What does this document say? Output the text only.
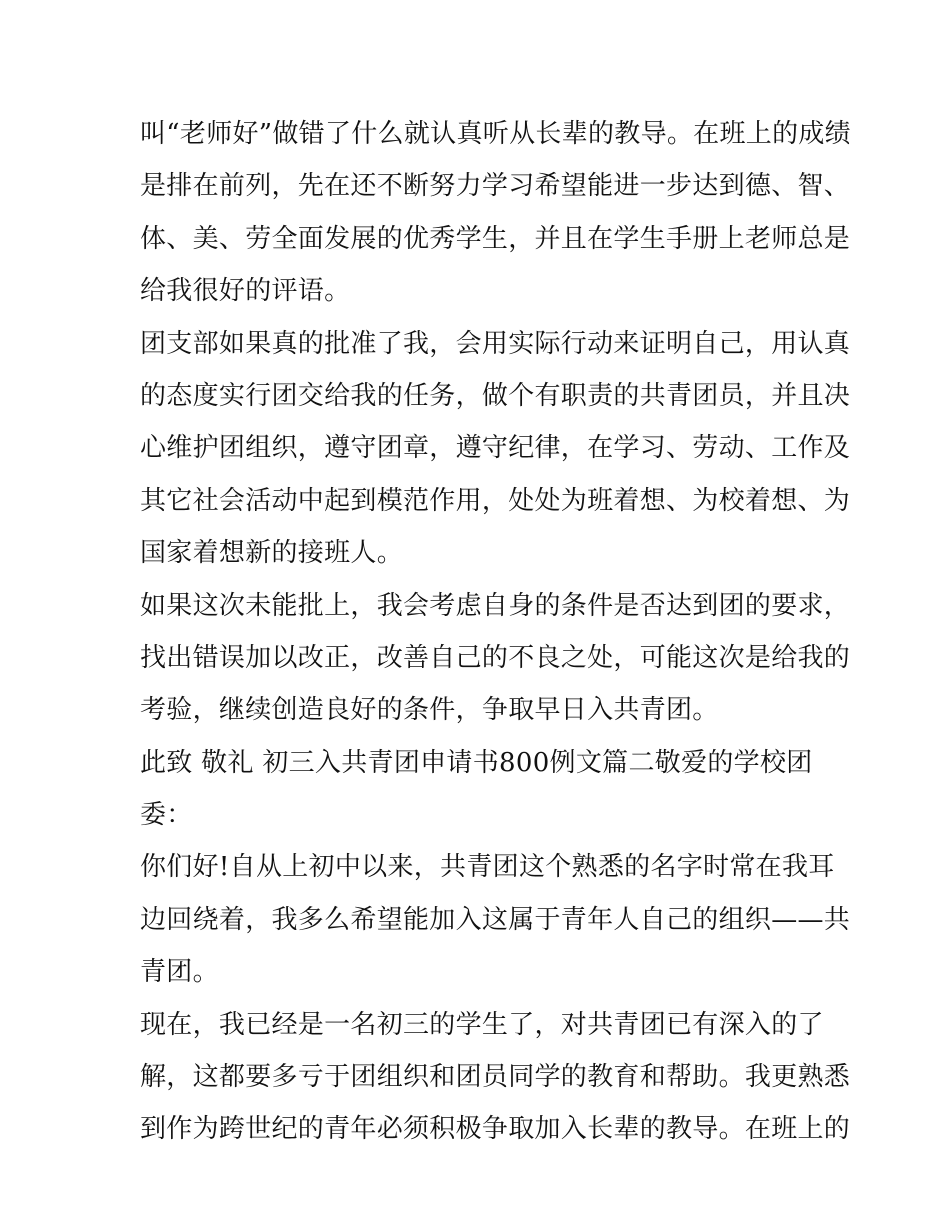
叫“老师好”做错了什么就认真听从长辈的教导。在班上的成绩
是排在前列，先在还不断努力学习希望能进一步达到德、智、
体、美、劳全面发展的优秀学生，并且在学生手册上老师总是
给我很好的评语。
团支部如果真的批准了我，会用实际行动来证明自己，用认真
的态度实行团交给我的任务，做个有职责的共青团员，并且决
心维护团组织，遵守团章，遵守纪律，在学习、劳动、工作及
其它社会活动中起到模范作用，处处为班着想、为校着想、为
国家着想新的接班人。
如果这次未能批上，我会考虑自身的条件是否达到团的要求，
找出错误加以改正，改善自己的不良之处，可能这次是给我的
考验，继续创造良好的条件，争取早日入共青团。
此致 敬礼 初三入共青团申请书800例文篇二敬爱的学校团
委：
你们好!自从上初中以来，共青团这个熟悉的名字时常在我耳
边回绕着，我多么希望能加入这属于青年人自己的组织——共
青团。
现在，我已经是一名初三的学生了，对共青团已有深入的了
解，这都要多亏于团组织和团员同学的教育和帮助。我更熟悉
到作为跨世纪的青年必须积极争取加入长辈的教导。在班上的
